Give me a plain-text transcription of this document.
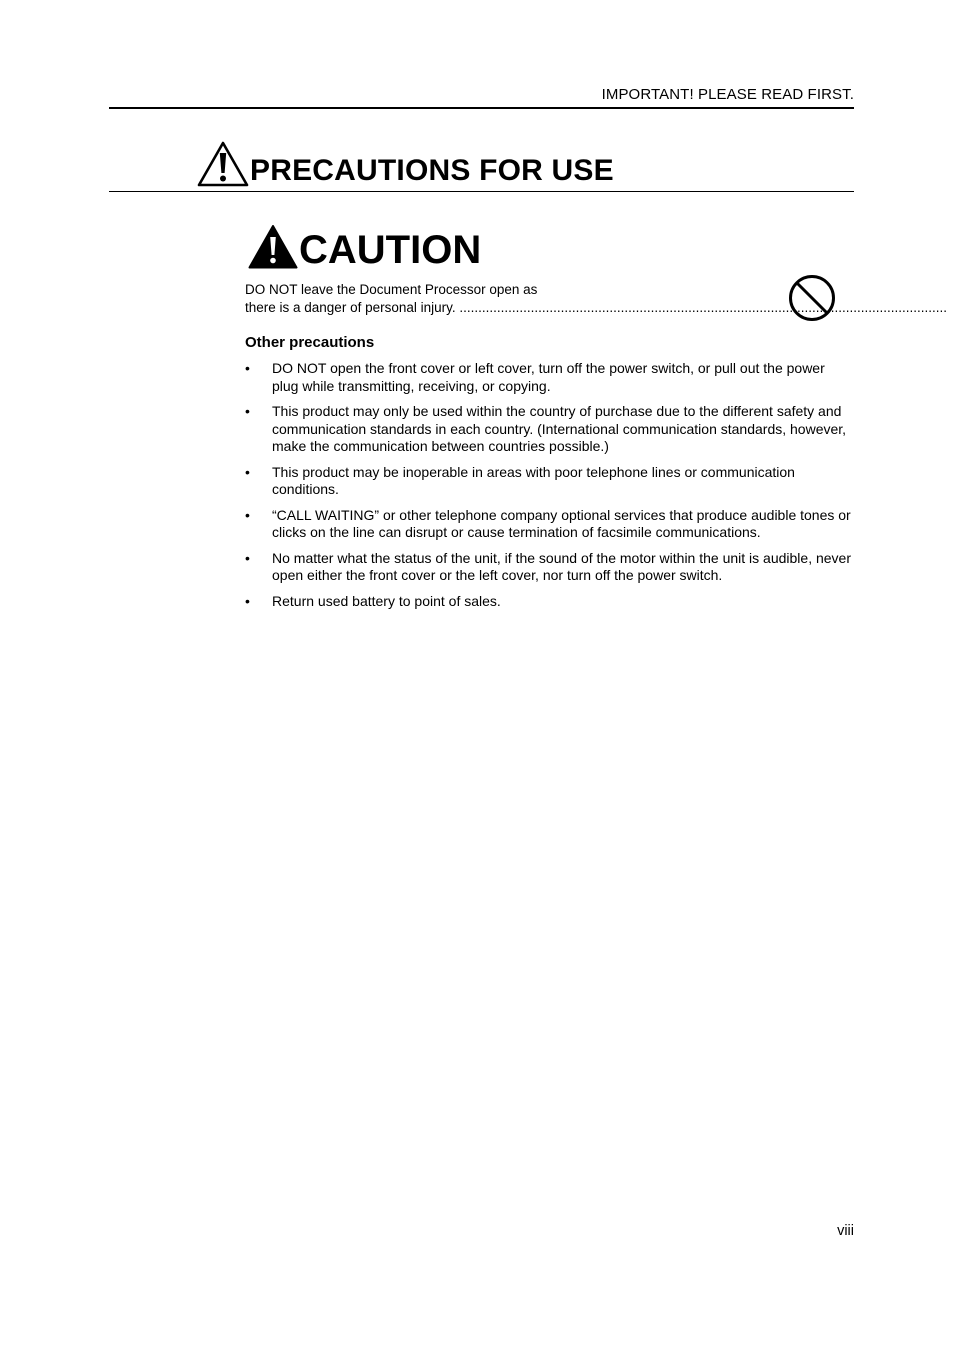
IMPORTANT! PLEASE READ FIRST.
PRECAUTIONS FOR USE
CAUTION
DO NOT leave the Document Processor open as

there is a danger of personal injury. ..................................................................................................................................
Other precautions
• DO NOT open the front cover or left cover, turn off the power switch, or pull out the power plug while transmitting, receiving, or copying.
• This product may only be used within the country of purchase due to the different safety and communication standards in each country. (International communication standards, however, make the communication between countries possible.)
• This product may be inoperable in areas with poor telephone lines or communication conditions.
• “CALL WAITING” or other telephone company optional services that produce audible tones or clicks on the line can disrupt or cause termination of facsimile communications.
• No matter what the status of the unit, if the sound of the motor within the unit is audible, never open either the front cover or the left cover, nor turn off the power switch.
• Return used battery to point of sales.
viii
